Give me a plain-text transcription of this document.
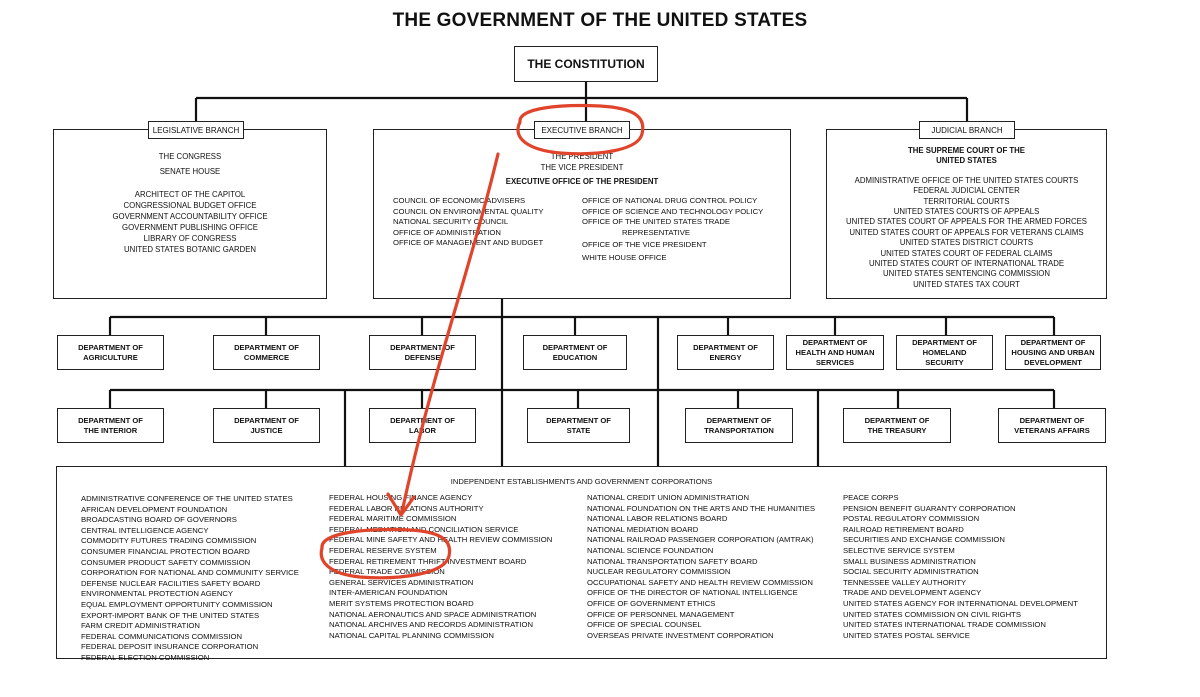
THE GOVERNMENT OF THE UNITED STATES
THE CONSTITUTION
LEGISLATIVE BRANCH
THE CONGRESS
SENATE HOUSE
ARCHITECT OF THE CAPITOL
CONGRESSIONAL BUDGET OFFICE
GOVERNMENT ACCOUNTABILITY OFFICE
GOVERNMENT PUBLISHING OFFICE
LIBRARY OF CONGRESS
UNITED STATES BOTANIC GARDEN
EXECUTIVE BRANCH
THE PRESIDENT
THE VICE PRESIDENT
EXECUTIVE OFFICE OF THE PRESIDENT
COUNCIL OF ECONOMIC ADVISERS
COUNCIL ON ENVIRONMENTAL QUALITY
NATIONAL SECURITY COUNCIL
OFFICE OF ADMINISTRATION
OFFICE OF MANAGEMENT AND BUDGET
OFFICE OF NATIONAL DRUG CONTROL POLICY
OFFICE OF SCIENCE AND TECHNOLOGY POLICY
OFFICE OF THE UNITED STATES TRADE
REPRESENTATIVE
OFFICE OF THE VICE PRESIDENT
WHITE HOUSE OFFICE
JUDICIAL BRANCH
THE SUPREME COURT OF THE
UNITED STATES
ADMINISTRATIVE OFFICE OF THE UNITED STATES COURTS
FEDERAL JUDICIAL CENTER
TERRITORIAL COURTS
UNITED STATES COURTS OF APPEALS
UNITED STATES COURT OF APPEALS FOR THE ARMED FORCES
UNITED STATES COURT OF APPEALS FOR VETERANS CLAIMS
UNITED STATES DISTRICT COURTS
UNITED STATES COURT OF FEDERAL CLAIMS
UNITED STATES COURT OF INTERNATIONAL TRADE
UNITED STATES SENTENCING COMMISSION
UNITED STATES TAX COURT
DEPARTMENT OF
AGRICULTURE
DEPARTMENT OF
COMMERCE
DEPARTMENT OF
DEFENSE
DEPARTMENT OF
EDUCATION
DEPARTMENT OF
ENERGY
DEPARTMENT OF
HEALTH AND HUMAN
SERVICES
DEPARTMENT OF
HOMELAND
SECURITY
DEPARTMENT OF
HOUSING AND URBAN
DEVELOPMENT
DEPARTMENT OF
THE INTERIOR
DEPARTMENT OF
JUSTICE
DEPARTMENT OF
LABOR
DEPARTMENT OF
STATE
DEPARTMENT OF
TRANSPORTATION
DEPARTMENT OF
THE TREASURY
DEPARTMENT OF
VETERANS AFFAIRS
INDEPENDENT ESTABLISHMENTS AND GOVERNMENT CORPORATIONS
ADMINISTRATIVE CONFERENCE OF THE UNITED STATES
AFRICAN DEVELOPMENT FOUNDATION
BROADCASTING BOARD OF GOVERNORS
CENTRAL INTELLIGENCE AGENCY
COMMODITY FUTURES TRADING COMMISSION
CONSUMER FINANCIAL PROTECTION BOARD
CONSUMER PRODUCT SAFETY COMMISSION
CORPORATION FOR NATIONAL AND COMMUNITY SERVICE
DEFENSE NUCLEAR FACILITIES SAFETY BOARD
ENVIRONMENTAL PROTECTION AGENCY
EQUAL EMPLOYMENT OPPORTUNITY COMMISSION
EXPORT-IMPORT BANK OF THE UNITED STATES
FARM CREDIT ADMINISTRATION
FEDERAL COMMUNICATIONS COMMISSION
FEDERAL DEPOSIT INSURANCE CORPORATION
FEDERAL ELECTION COMMISSION
FEDERAL HOUSING FINANCE AGENCY
FEDERAL LABOR RELATIONS AUTHORITY
FEDERAL MARITIME COMMISSION
FEDERAL MEDIATION AND CONCILIATION SERVICE
FEDERAL MINE SAFETY AND HEALTH REVIEW COMMISSION
FEDERAL RESERVE SYSTEM
FEDERAL RETIREMENT THRIFT INVESTMENT BOARD
FEDERAL TRADE COMMISSION
GENERAL SERVICES ADMINISTRATION
INTER-AMERICAN FOUNDATION
MERIT SYSTEMS PROTECTION BOARD
NATIONAL AERONAUTICS AND SPACE ADMINISTRATION
NATIONAL ARCHIVES AND RECORDS ADMINISTRATION
NATIONAL CAPITAL PLANNING COMMISSION
NATIONAL CREDIT UNION ADMINISTRATION
NATIONAL FOUNDATION ON THE ARTS AND THE HUMANITIES
NATIONAL LABOR RELATIONS BOARD
NATIONAL MEDIATION BOARD
NATIONAL RAILROAD PASSENGER CORPORATION (AMTRAK)
NATIONAL SCIENCE FOUNDATION
NATIONAL TRANSPORTATION SAFETY BOARD
NUCLEAR REGULATORY COMMISSION
OCCUPATIONAL SAFETY AND HEALTH REVIEW COMMISSION
OFFICE OF THE DIRECTOR OF NATIONAL INTELLIGENCE
OFFICE OF GOVERNMENT ETHICS
OFFICE OF PERSONNEL MANAGEMENT
OFFICE OF SPECIAL COUNSEL
OVERSEAS PRIVATE INVESTMENT CORPORATION
PEACE CORPS
PENSION BENEFIT GUARANTY CORPORATION
POSTAL REGULATORY COMMISSION
RAILROAD RETIREMENT BOARD
SECURITIES AND EXCHANGE COMMISSION
SELECTIVE SERVICE SYSTEM
SMALL BUSINESS ADMINISTRATION
SOCIAL SECURITY ADMINISTRATION
TENNESSEE VALLEY AUTHORITY
TRADE AND DEVELOPMENT AGENCY
UNITED STATES AGENCY FOR INTERNATIONAL DEVELOPMENT
UNITED STATES COMMISSION ON CIVIL RIGHTS
UNITED STATES INTERNATIONAL TRADE COMMISSION
UNITED STATES POSTAL SERVICE
